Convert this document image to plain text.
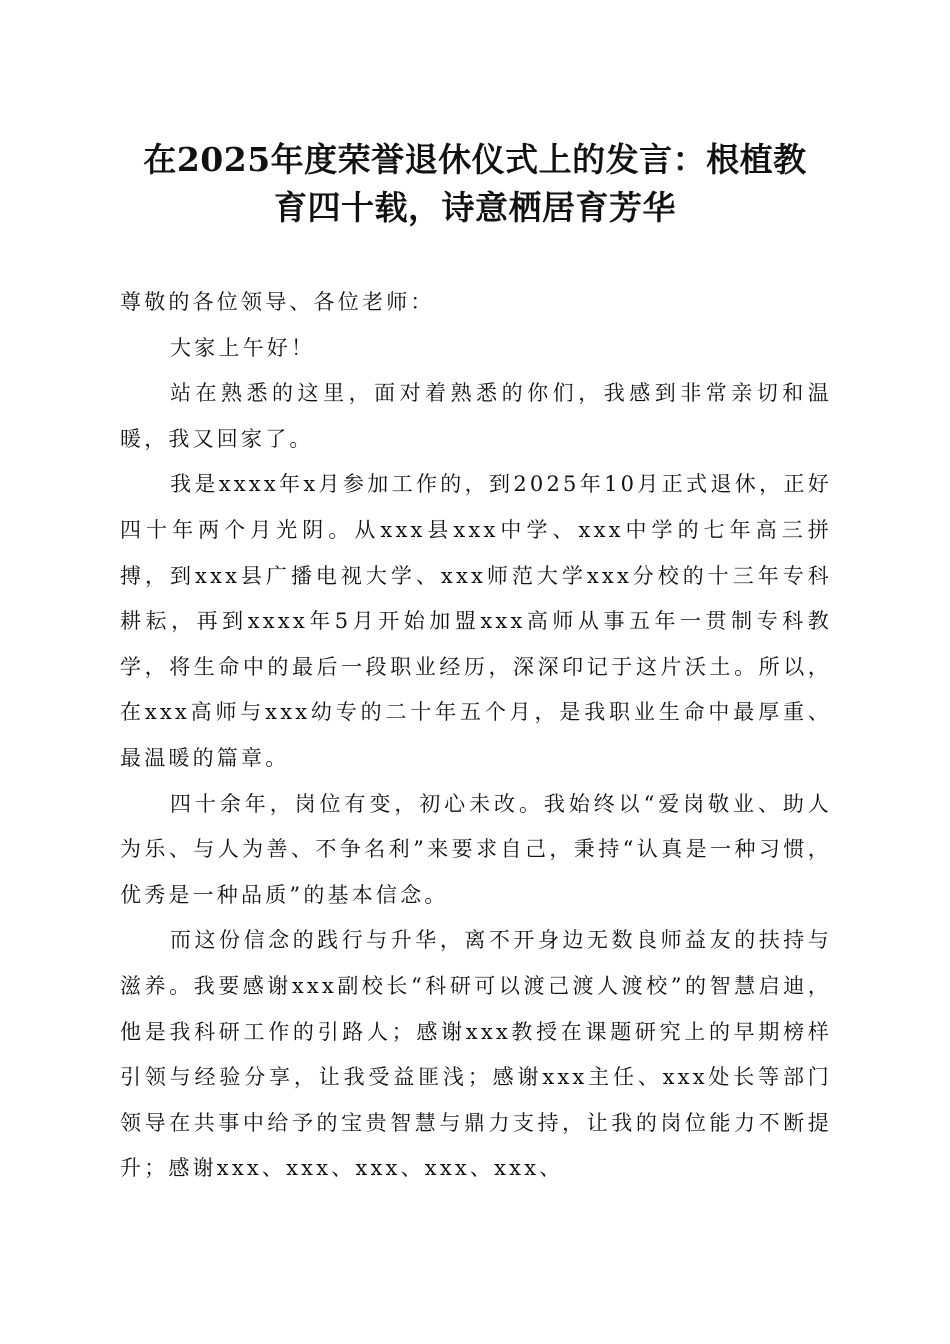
在2025年度荣誉退休仪式上的发言：根植教
育四十载，诗意栖居育芳华

尊敬的各位领导、各位老师：

大家上午好！

站在熟悉的这里，面对着熟悉的你们，我感到非常亲切和温暖，我又回家了。

我是xxxx年x月参加工作的，到2025年10月正式退休，正好四十年两个月光阴。从xxx县xxx中学、xxx中学的七年高三拼搏，到xxx县广播电视大学、xxx师范大学xxx分校的十三年专科耕耘，再到xxxx年5月开始加盟xxx高师从事五年一贯制专科教学，将生命中的最后一段职业经历，深深印记于这片沃土。所以，在xxx高师与xxx幼专的二十年五个月，是我职业生命中最厚重、最温暖的篇章。

四十余年，岗位有变，初心未改。我始终以“爱岗敬业、助人为乐、与人为善、不争名利”来要求自己，秉持“认真是一种习惯，优秀是一种品质”的基本信念。

而这份信念的践行与升华，离不开身边无数良师益友的扶持与滋养。我要感谢xxx副校长“科研可以渡己渡人渡校”的智慧启迪，他是我科研工作的引路人；感谢xxx教授在课题研究上的早期榜样引领与经验分享，让我受益匪浅；感谢xxx主任、xxx处长等部门领导在共事中给予的宝贵智慧与鼎力支持，让我的岗位能力不断提升；感谢xxx、xxx、xxx、xxx、xxx、
